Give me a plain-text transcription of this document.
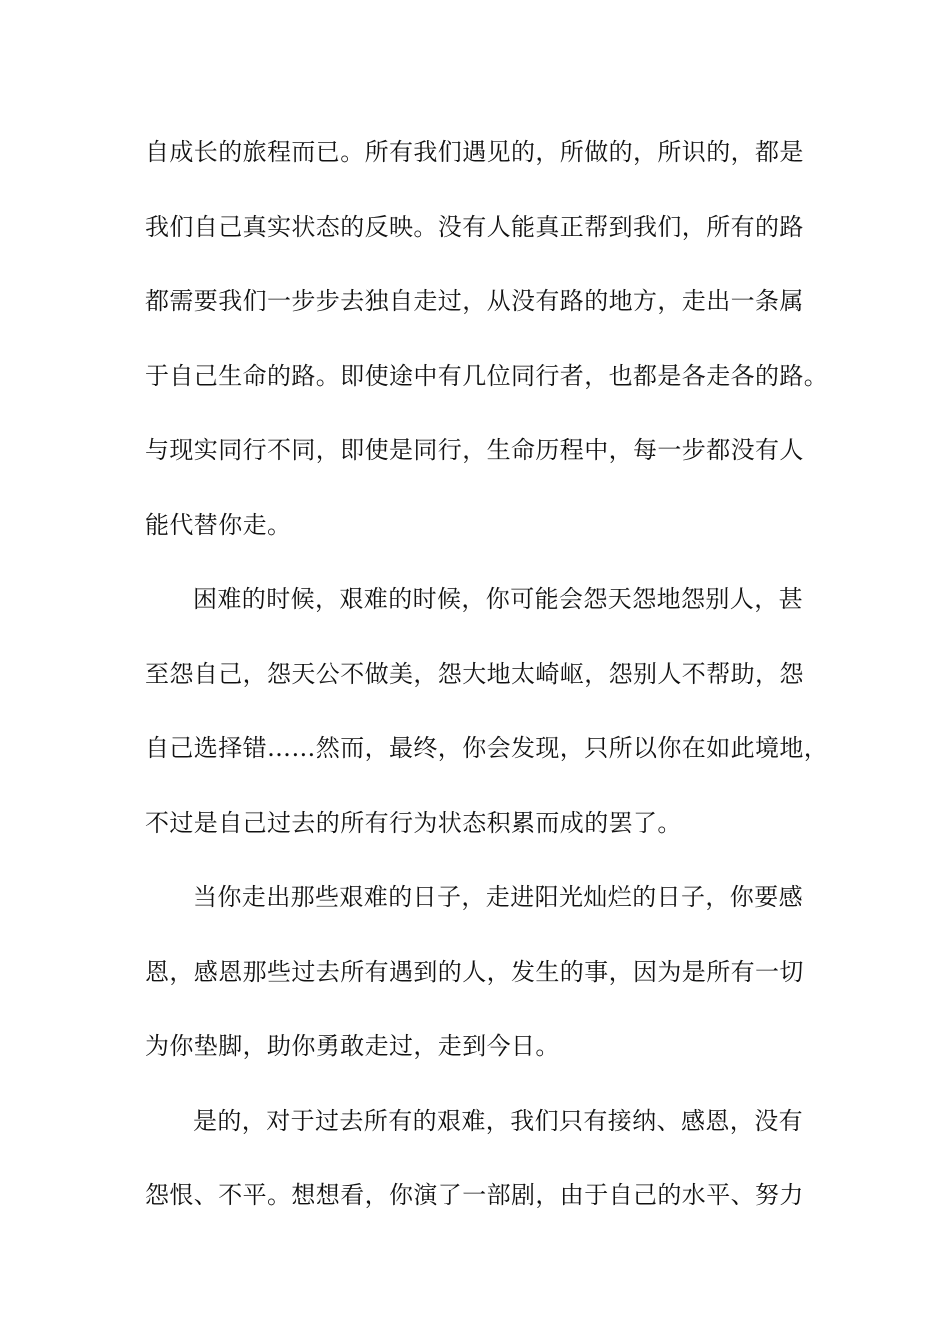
自成长的旅程而已。所有我们遇见的，所做的，所识的，都是
我们自己真实状态的反映。没有人能真正帮到我们，所有的路
都需要我们一步步去独自走过，从没有路的地方，走出一条属
于自己生命的路。即使途中有几位同行者，也都是各走各的路。
与现实同行不同，即使是同行，生命历程中，每一步都没有人
能代替你走。
困难的时候，艰难的时候，你可能会怨天怨地怨别人，甚
至怨自己，怨天公不做美，怨大地太崎岖，怨别人不帮助，怨
自己选择错……然而，最终，你会发现，只所以你在如此境地，
不过是自己过去的所有行为状态积累而成的罢了。
当你走出那些艰难的日子，走进阳光灿烂的日子，你要感
恩，感恩那些过去所有遇到的人，发生的事，因为是所有一切
为你垫脚，助你勇敢走过，走到今日。
是的，对于过去所有的艰难，我们只有接纳、感恩，没有
怨恨、不平。想想看，你演了一部剧，由于自己的水平、努力
